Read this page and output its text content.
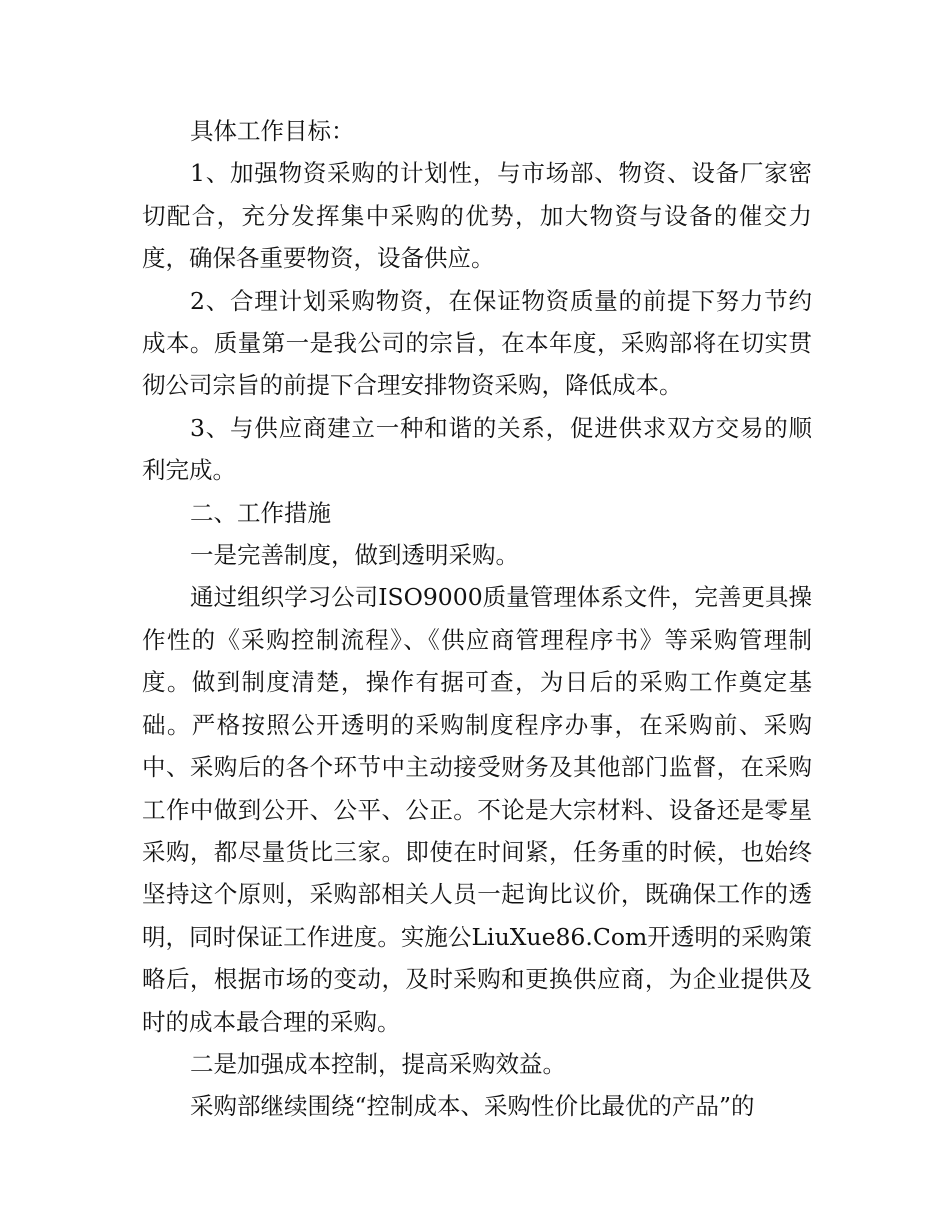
具体工作目标：

1、加强物资采购的计划性，与市场部、物资、设备厂家密切配合，充分发挥集中采购的优势，加大物资与设备的催交力度，确保各重要物资，设备供应。

2、合理计划采购物资，在保证物资质量的前提下努力节约成本。质量第一是我公司的宗旨，在本年度，采购部将在切实贯彻公司宗旨的前提下合理安排物资采购，降低成本。

3、与供应商建立一种和谐的关系，促进供求双方交易的顺利完成。

二、工作措施

一是完善制度，做到透明采购。

通过组织学习公司ISO9000质量管理体系文件，完善更具操作性的《采购控制流程》、《供应商管理程序书》等采购管理制度。做到制度清楚，操作有据可查，为日后的采购工作奠定基础。严格按照公开透明的采购制度程序办事，在采购前、采购中、采购后的各个环节中主动接受财务及其他部门监督，在采购工作中做到公开、公平、公正。不论是大宗材料、设备还是零星采购，都尽量货比三家。即使在时间紧，任务重的时候，也始终坚持这个原则，采购部相关人员一起询比议价，既确保工作的透明，同时保证工作进度。实施公LiuXue86.Com开透明的采购策略后，根据市场的变动，及时采购和更换供应商，为企业提供及时的成本最合理的采购。

二是加强成本控制，提高采购效益。

采购部继续围绕“控制成本、采购性价比最优的产品”的
